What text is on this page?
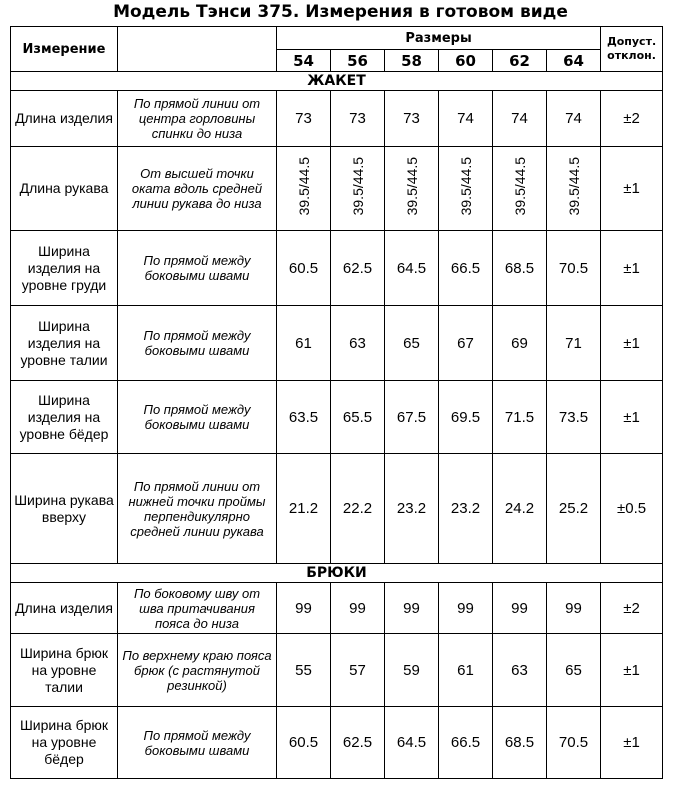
Модель Тэнси 375. Измерения в готовом виде
Измерение		Размеры						Допуст. отклон.
		54	56	58	60	62	64	
ЖАКЕТ								
Длина изделия	По прямой линии от центра горловины спинки до низа	73	73	73	74	74	74	±2
Длина рукава	От высшей точки оката вдоль средней линии рукава до низа	39.5/44.5	39.5/44.5	39.5/44.5	39.5/44.5	39.5/44.5	39.5/44.5	±1
Ширина изделия на уровне груди	По прямой между боковыми швами	60.5	62.5	64.5	66.5	68.5	70.5	±1
Ширина изделия на уровне талии	По прямой между боковыми швами	61	63	65	67	69	71	±1
Ширина изделия на уровне бёдер	По прямой между боковыми швами	63.5	65.5	67.5	69.5	71.5	73.5	±1
Ширина рукава вверху	По прямой линии от нижней точки проймы перпендикулярно средней линии рукава	21.2	22.2	23.2	23.2	24.2	25.2	±0.5
БРЮКИ								
Длина изделия	По боковому шву от шва притачивания пояса до низа	99	99	99	99	99	99	±2
Ширина брюк на уровне талии	По верхнему краю пояса брюк (с растянутой резинкой)	55	57	59	61	63	65	±1
Ширина брюк на уровне бёдер	По прямой между боковыми швами	60.5	62.5	64.5	66.5	68.5	70.5	±1
